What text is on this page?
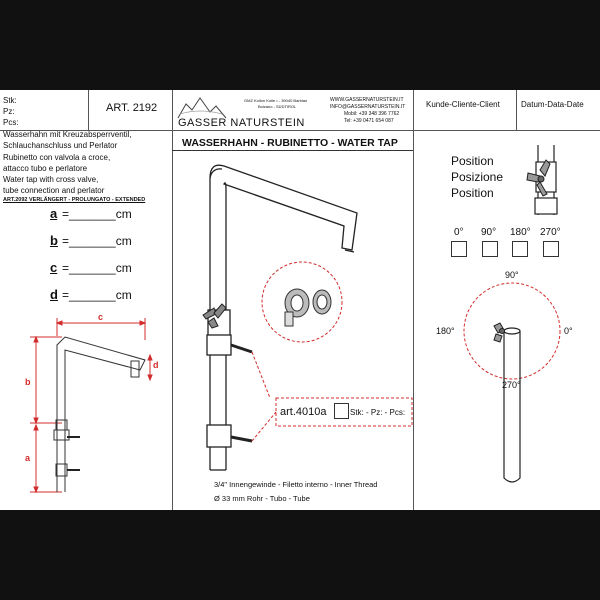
Stk:
Pz:
Pcs:
ART. 2192
GASSER NATURSTEIN
GMZ Kollon Kolle • - 39040 Barbian
Bolzano - SÜDTIROL
WWW.GASSERNATURSTEIN.IT
INFO@GASSERNATURSTEIN.IT
Mobil: +39 348 396 7762
Tel: +39 0471 654 087
Kunde-Cliente-Client	Datum-Data-Date
Wasserhahn mit Kreuzabsperrventil,
Schlauchanschluss und Perlator
Rubinetto con valvola a croce,
attacco tubo e perlatore
Water tap with cross valve,
tube connection and perlator
ART.2092 VERLÄNGERT - PROLUNGATO - EXTENDED
a =_______cm
b =_______cm
c =_______cm
d =_______cm
c
b
a
d
WASSERHAHN - RUBINETTO - WATER TAP
art.4010a	Stk: - Pz: - Pcs:
3/4" Innengewinde - Filetto interno - Inner Thread
Ø 33 mm Rohr - Tubo - Tube
Position
Posizione
Position
0° 90° 180° 270°
90°
180°	0°
270°
